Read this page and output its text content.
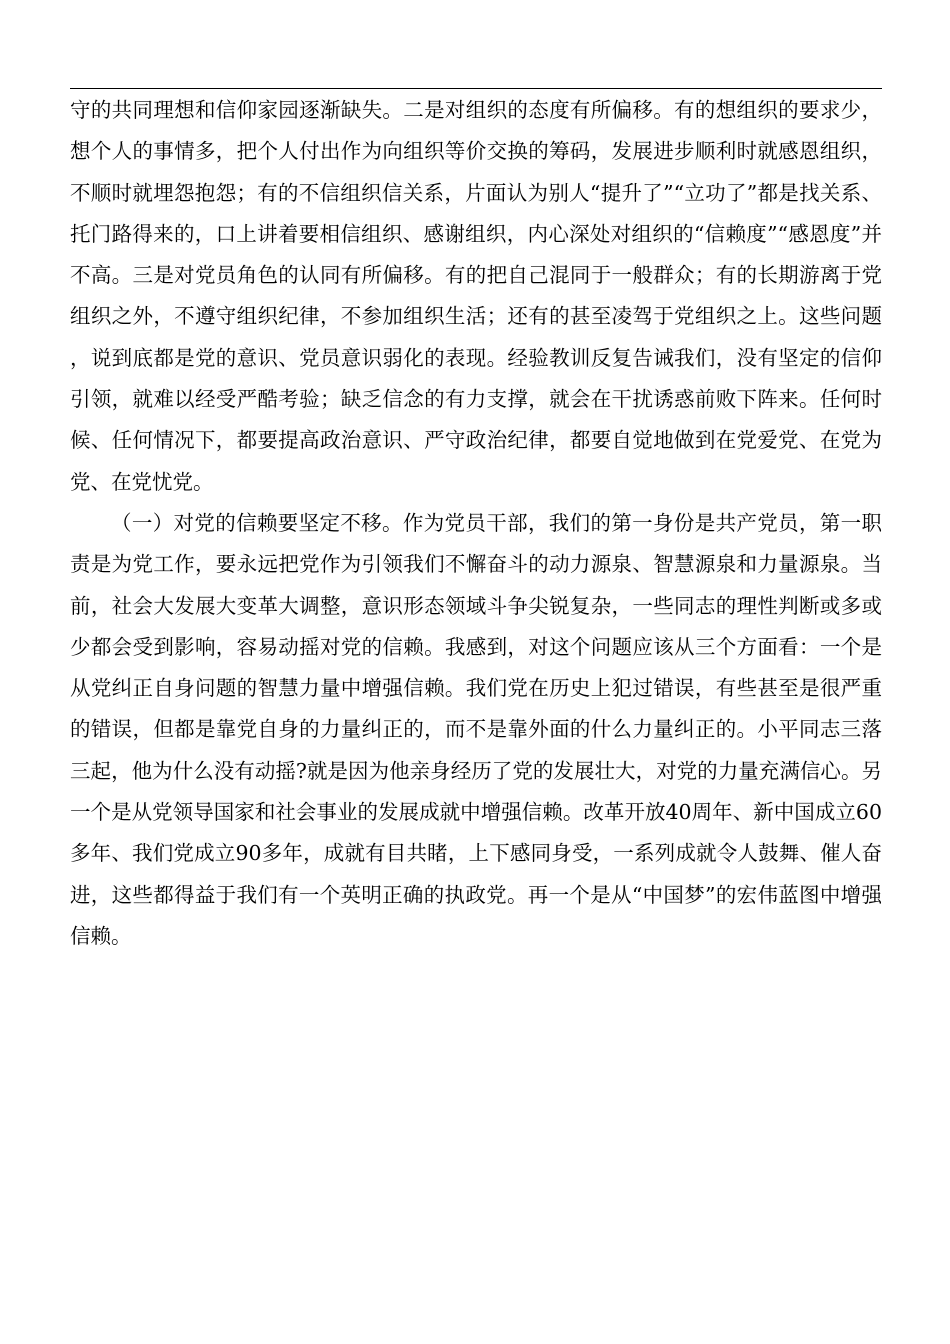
守的共同理想和信仰家园逐渐缺失。二是对组织的态度有所偏移。有的想组织的要求少，想个人的事情多，把个人付出作为向组织等价交换的筹码，发展进步顺利时就感恩组织，不顺时就埋怨抱怨；有的不信组织信关系，片面认为别人“提升了”“立功了”都是找关系、托门路得来的，口上讲着要相信组织、感谢组织，内心深处对组织的“信赖度”“感恩度”并不高。三是对党员角色的认同有所偏移。有的把自己混同于一般群众；有的长期游离于党组织之外，不遵守组织纪律，不参加组织生活；还有的甚至凌驾于党组织之上。这些问题，说到底都是党的意识、党员意识弱化的表现。经验教训反复告诫我们，没有坚定的信仰引领，就难以经受严酷考验；缺乏信念的有力支撑，就会在干扰诱惑前败下阵来。任何时候、任何情况下，都要提高政治意识、严守政治纪律，都要自觉地做到在党爱党、在党为党、在党忧党。

（一）对党的信赖要坚定不移。作为党员干部，我们的第一身份是共产党员，第一职责是为党工作，要永远把党作为引领我们不懈奋斗的动力源泉、智慧源泉和力量源泉。当前，社会大发展大变革大调整，意识形态领域斗争尖锐复杂，一些同志的理性判断或多或少都会受到影响，容易动摇对党的信赖。我感到，对这个问题应该从三个方面看：一个是从党纠正自身问题的智慧力量中增强信赖。我们党在历史上犯过错误，有些甚至是很严重的错误，但都是靠党自身的力量纠正的，而不是靠外面的什么力量纠正的。小平同志三落三起，他为什么没有动摇?就是因为他亲身经历了党的发展壮大，对党的力量充满信心。另一个是从党领导国家和社会事业的发展成就中增强信赖。改革开放40周年、新中国成立60多年、我们党成立90多年，成就有目共睹，上下感同身受，一系列成就令人鼓舞、催人奋进，这些都得益于我们有一个英明正确的执政党。再一个是从“中国梦”的宏伟蓝图中增强信赖。
